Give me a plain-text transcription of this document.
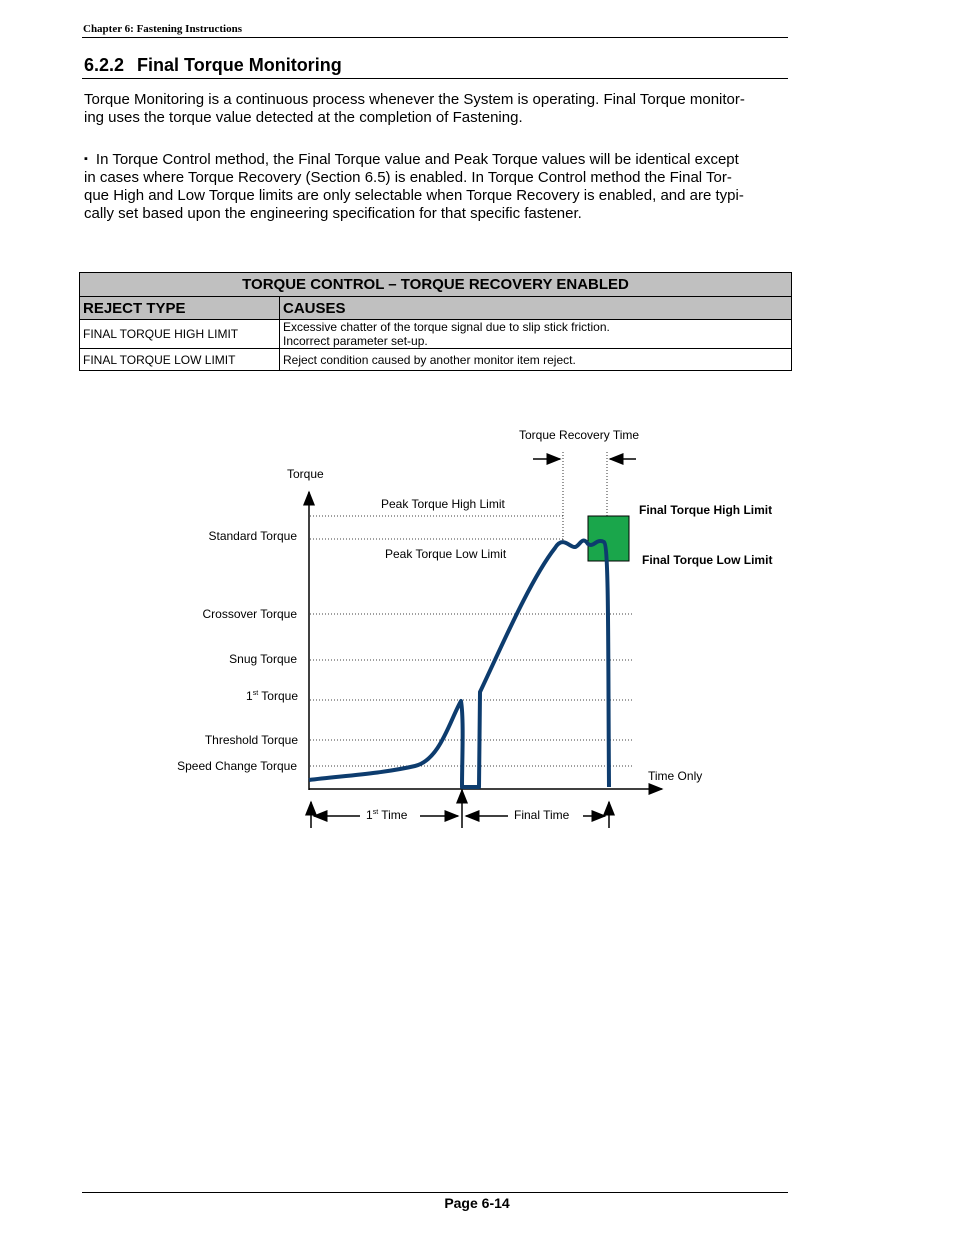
Chapter 6: Fastening Instructions
6.2.2 Final Torque Monitoring
Torque Monitoring is a continuous process whenever the System is operating. Final Torque monitor-
ing uses the torque value detected at the completion of Fastening.
▪ In Torque Control method, the Final Torque value and Peak Torque values will be identical except
in cases where Torque Recovery (Section 6.5) is enabled. In Torque Control method the Final Tor-
que High and Low Torque limits are only selectable when Torque Recovery is enabled, and are typi-
cally set based upon the engineering specification for that specific fastener.
TORQUE CONTROL – TORQUE RECOVERY ENABLED	
REJECT TYPE	CAUSES
FINAL TORQUE HIGH LIMIT	Excessive chatter of the torque signal due to slip stick friction.
Incorrect parameter set-up.

FINAL TORQUE LOW LIMIT	Reject condition caused by another monitor item reject.
Torque Recovery Time
Torque
Peak Torque High Limit
Peak Torque Low Limit
Final Torque High Limit
Final Torque Low Limit
Standard Torque
Crossover Torque
Snug Torque
1st Torque
Threshold Torque
Speed Change Torque
Time Only
1st Time	Final Time
Page 6-14
